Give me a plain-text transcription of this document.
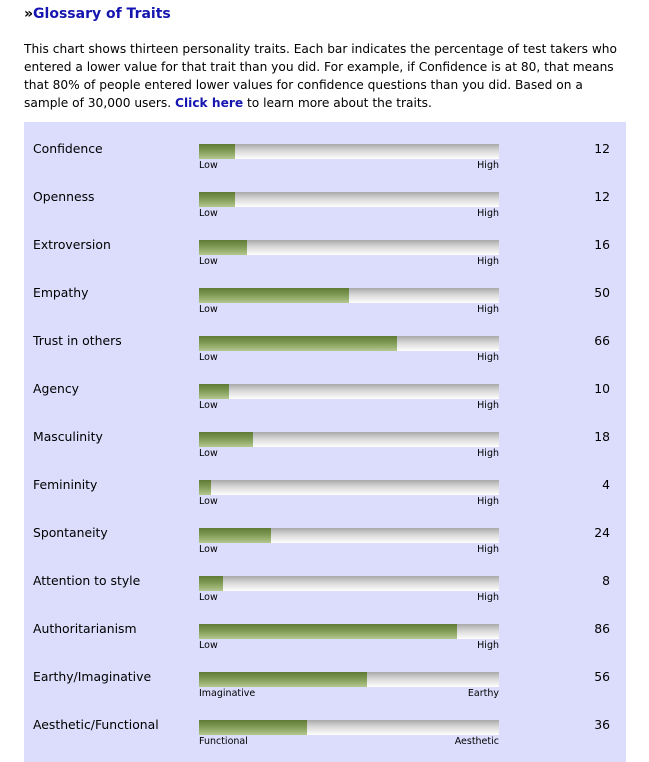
»Glossary of Traits
This chart shows thirteen personality traits. Each bar indicates the percentage of test takers who entered a lower value for that trait than you did. For example, if Confidence is at 80, that means that 80% of people entered lower values for confidence questions than you did. Based on a sample of 30,000 users. Click here to learn more about the traits.
Confidence
Low	High
12
Openness
Low	High
12
Extroversion
Low	High
16
Empathy
Low	High
50
Trust in others
Low	High
66
Agency
Low	High
10
Masculinity
Low	High
18
Femininity
Low	High
4
Spontaneity
Low	High
24
Attention to style
Low	High
8
Authoritarianism
Low	High
86
Earthy/Imaginative
Imaginative	Earthy
56
Aesthetic/Functional
Functional	Aesthetic
36
